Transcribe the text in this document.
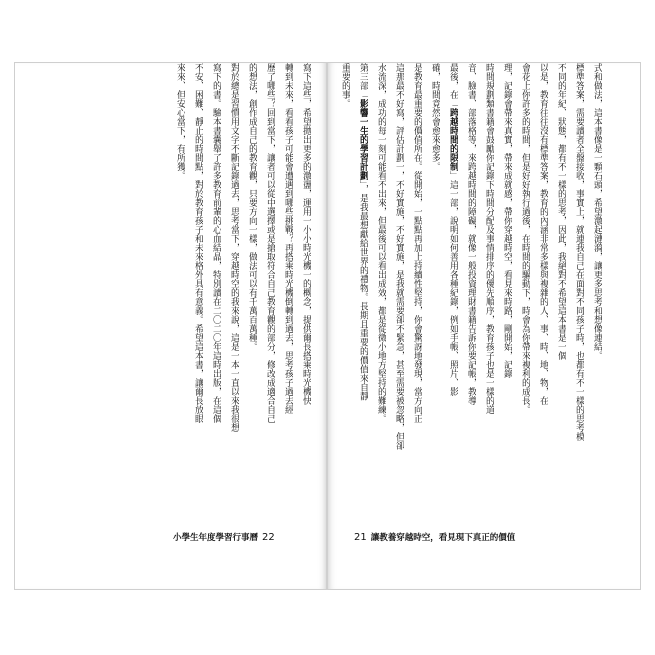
來來、但安心當下，有所獲。 不安、困難、靜止的時間點，對於教育孩子和未來格外具有意義。希望這本書，讓爾長放眼 寫下的書。驗本書囊舉了許多教育前輩的心血結晶，特別讀在二〇二〇年這時出版，在這個 對於總是習慣用文字不斷記錄過去，思考當下，穿越時空的我來說，這是一本一直以來我很想 的想法，創作成自己的教育觀，只要方向一樣，做法可以有千萬百萬種。 歷了哪些？回到當下，讓者可以從中選擇或是搶取符合自己教育觀的部分，修改成適合自己 轉到未來，看看孩子可能會遭遇到哪些挑戰？再搭乘時光機倒轉到過去，思考孩子過去經 寫下這些，希望拋出更多的激盪，運用一小小時光機一的概念，提供爾長搭乘時光機快
小學生年度學習行事曆 22
重要的事。 第三部「影響一生的學習計劃」，是我最想獻給世界的禮物。長期且重要的價值來自靜 水流深，成功的每一刻可能看不出來，但最後可以看出成效，都是從微小地方堅持的難練。 這那最不好寫，評估計劃一，不好實施，不好實施，是我就需要卻不緊急，甚至需要被忽略，但卻 是教育最重要的價值所在。從開始，一點點再加上持續性堅持，你會驚訝地發現，當方向正 確，時間竟然會愈來愈多。 最後，在「跨越時間的限制」這一部，說明如何善用各種紀錄，例如手帳、照片、影 音、臉書、部落格等，來跨越時間的障礙，就像一般投資理財書籍告訴你要記帳，教導 時間規劃類書籍會鼓勵你記錄下時間分配及事情排序的優先順序，教育孩子也是一樣的道 理，記錄會帶來真實，帶來成就感，帶你穿越時空，看見來時路，剛開始，記錄 會花上你許多的時間，但是好好執行過後，在時間的驅動下，時會為你帶來複利的成長。 以是，教育往往沒有標準答案，教育的內涵非常多樣與複雜的人、事、時、地、物，在 不同的年紀、狀態，都有不一樣的思考，因此，我絕對不希望這本書是一個 標準答案，需要讀者全盤接收，事實上，就連我自己在面對不同孩子時，也都有不一樣的思考模 式和做法，這本書像是一顆石頭，希望激起漣漪，讓更多思考和想像連結。
21 讓教養穿越時空，看見現下真正的價值
